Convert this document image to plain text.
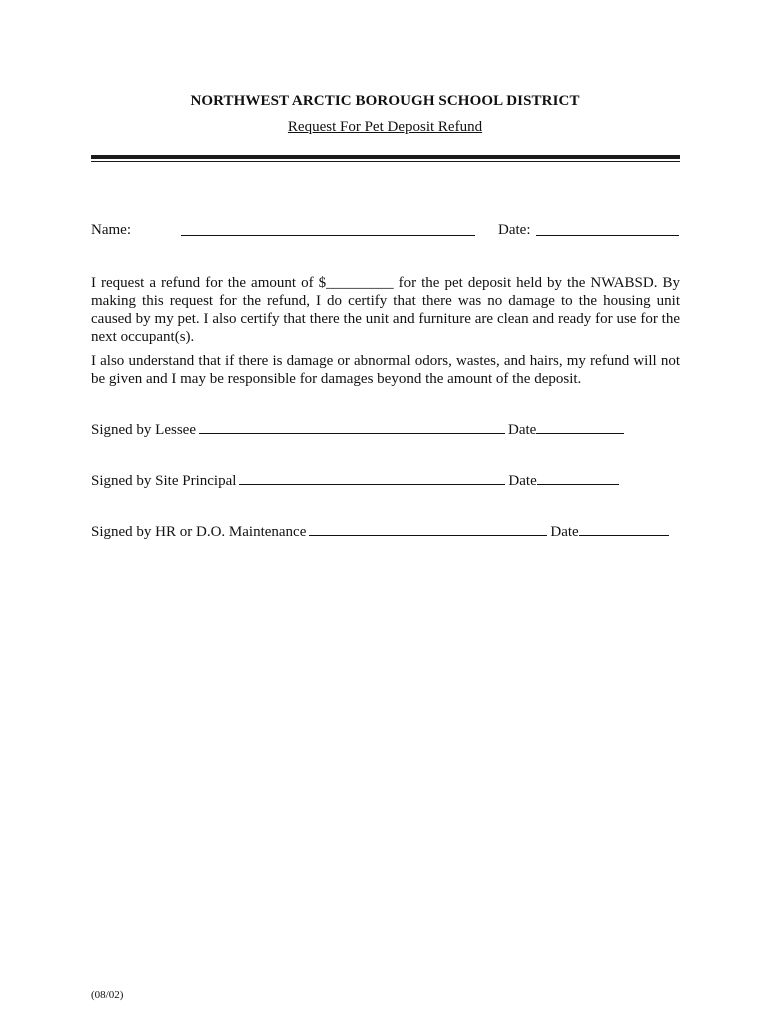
NORTHWEST ARCTIC BOROUGH SCHOOL DISTRICT
Request For Pet Deposit Refund
Name:	Date:
I request a refund for the amount of $_________ for the pet deposit held by the NWABSD. By making this request for the refund, I do certify that there was no damage to the housing unit caused by my pet. I also certify that there the unit and furniture are clean and ready for use for the next occupant(s).
I also understand that if there is damage or abnormal odors, wastes, and hairs, my refund will not be given and I may be responsible for damages beyond the amount of the deposit.
Signed by Lessee	Date
Signed by Site Principal	Date
Signed by HR or D.O. Maintenance	Date
(08/02)
